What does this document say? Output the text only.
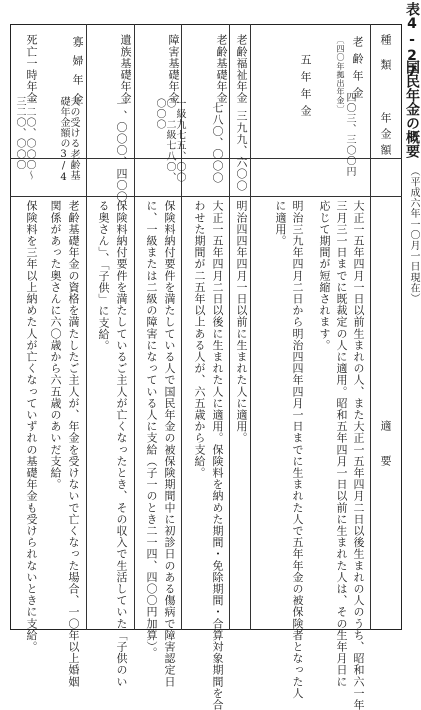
表4-27
国民年金の概要
（平成六年一〇月一日現在）
種類
年金額
適　　要
老齢年金
〔四〇年拠出年金〕
五年年金
四〇三、三〇〇円
大正一五年四月一日以前生まれの人、また大正一五年四月二日以後生まれの人のうち、昭和六一年
三月三一日までに既裁定の人に適用。昭和五年四月一日以前に生まれた人は、その生年月日に
応じて期間が短縮されます。
明治三九年四月二日から明治四四年四月一日までに生まれた人で五年年金の被保険者となった人
に適用。
老齢福祉年金
三九九、六〇〇
明治四四年四月一日以前に生まれた人に適用。
老齢基礎年金
七八〇、〇〇〇
大正一五年四月二日以後に生まれた人に適用。保険料を納めた期間・免除期間・合算対象期間を合
わせた期間が二五年以上ある人が、六五歳から支給。
障害基礎年金
一級九七五、〇〇〇　二級七八〇、〇〇〇
保険料納付要件を満たしている人で国民年金の被保険期間中に初診日のある傷病で障害認定日
に、一級または二級の障害になっている人に支給（子一のとき二一四、四〇〇円加算）。
遺族基礎年金
一、〇〇〇、四〇〇
保険料納付要件を満たしているご主人が亡くなったとき、その収入で生活していた「子供のい
る奥さん」、「子供」に支給。
寡婦年金
夫の受ける老齢基礎年金額の3/4
老齢基礎年金の資格を満たしたご主人が、年金を受けないで亡くなった場合、一〇年以上婚姻
関係があった奥さんに六〇歳から六五歳のあいだ支給。
死亡一時年金
一二〇、〇〇〇〜三二〇、〇〇〇
保険料を三年以上納めた人が亡くなっていずれの基礎年金も受けられないときに支給。
